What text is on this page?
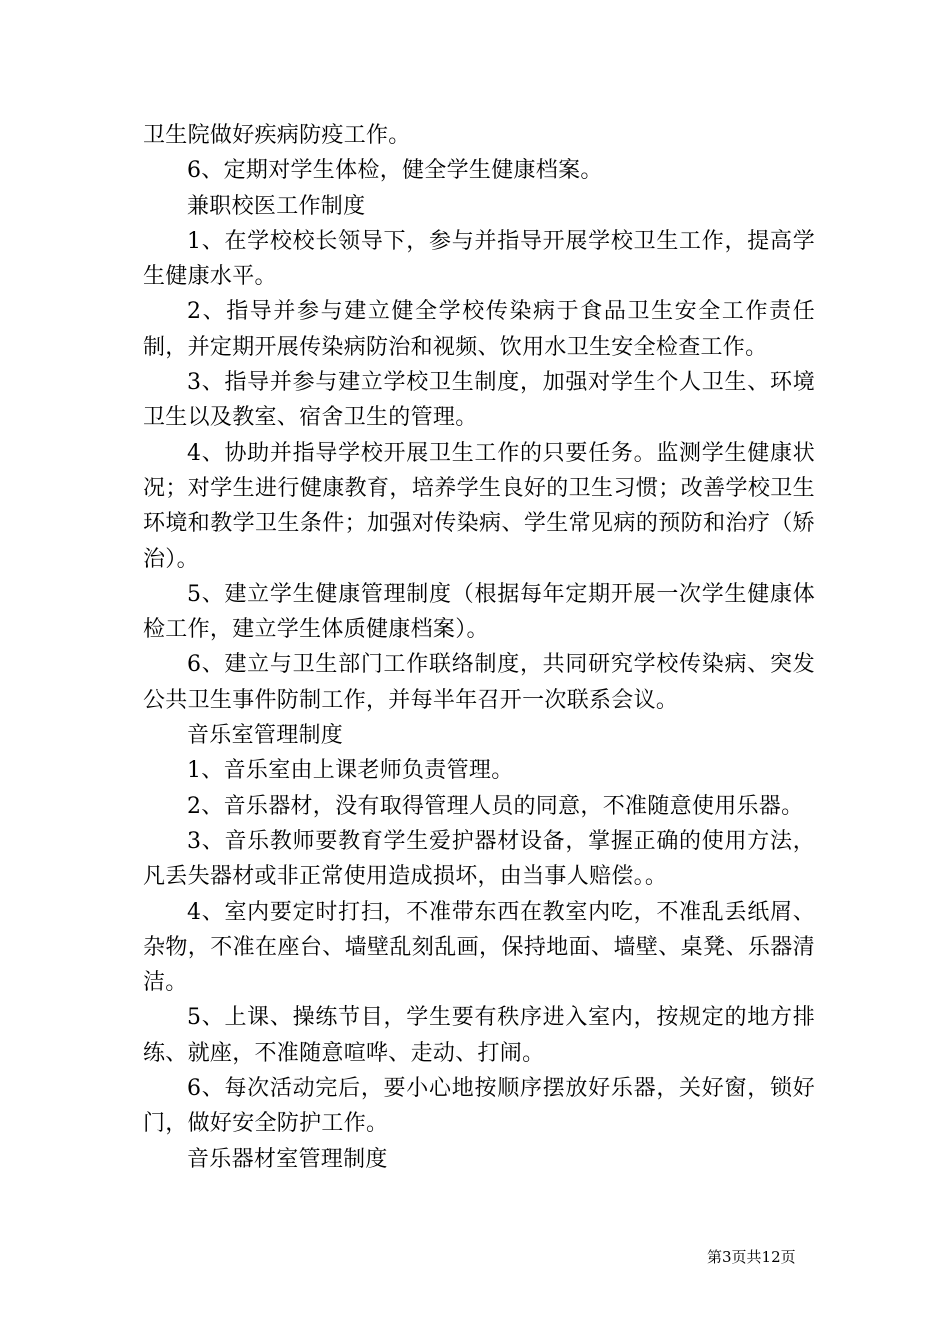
卫生院做好疾病防疫工作。

6、定期对学生体检，健全学生健康档案。

兼职校医工作制度

1、在学校校长领导下，参与并指导开展学校卫生工作，提高学生健康水平。

2、指导并参与建立健全学校传染病于食品卫生安全工作责任制，并定期开展传染病防治和视频、饮用水卫生安全检查工作。

3、指导并参与建立学校卫生制度，加强对学生个人卫生、环境卫生以及教室、宿舍卫生的管理。

4、协助并指导学校开展卫生工作的只要任务。监测学生健康状况；对学生进行健康教育，培养学生良好的卫生习惯；改善学校卫生环境和教学卫生条件；加强对传染病、学生常见病的预防和治疗（矫治）。

5、建立学生健康管理制度（根据每年定期开展一次学生健康体检工作，建立学生体质健康档案）。

6、建立与卫生部门工作联络制度，共同研究学校传染病、突发公共卫生事件防制工作，并每半年召开一次联系会议。

音乐室管理制度

1、音乐室由上课老师负责管理。

2、音乐器材，没有取得管理人员的同意，不准随意使用乐器。

3、音乐教师要教育学生爱护器材设备，掌握正确的使用方法，凡丢失器材或非正常使用造成损坏，由当事人赔偿。。

4、室内要定时打扫，不准带东西在教室内吃，不准乱丢纸屑、杂物，不准在座台、墙壁乱刻乱画，保持地面、墙壁、桌凳、乐器清洁。

5、上课、操练节目，学生要有秩序进入室内，按规定的地方排练、就座，不准随意喧哗、走动、打闹。

6、每次活动完后，要小心地按顺序摆放好乐器，关好窗，锁好门，做好安全防护工作。

音乐器材室管理制度

第3页共12页
